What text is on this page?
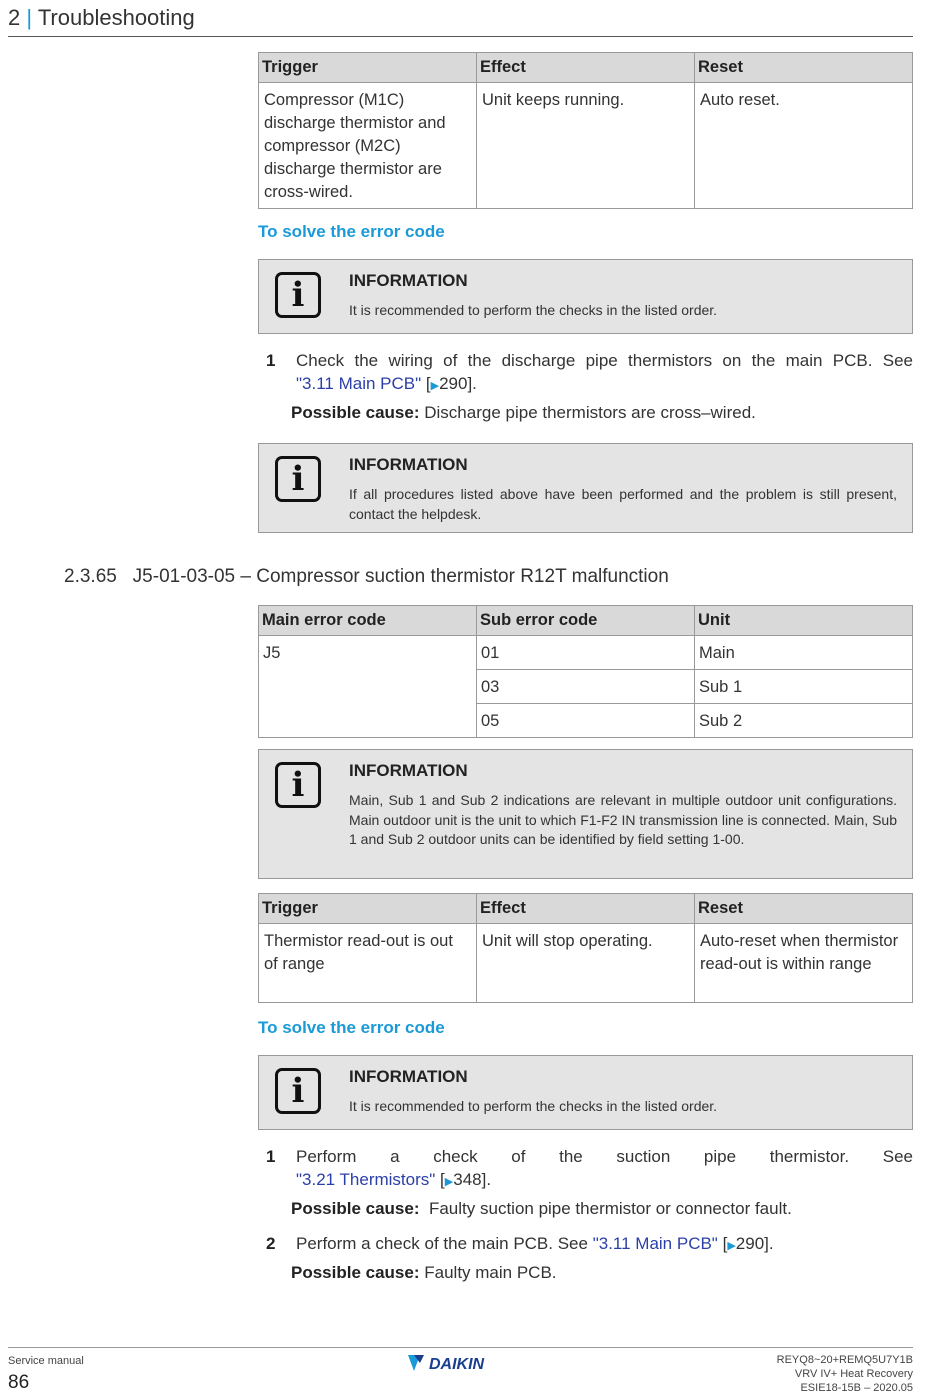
2 | Troubleshooting
Trigger	Effect	Reset
Compressor (M1C) discharge thermistor and compressor (M2C) discharge thermistor are cross-wired.	Unit keeps running.	Auto reset.
To solve the error code
i	INFORMATION
It is recommended to perform the checks in the listed order.
1 Check the wiring of the discharge pipe thermistors on the main PCB. See
"3.11 Main PCB" [▶290].
Possible cause: Discharge pipe thermistors are cross–wired.
i	INFORMATION
If all procedures listed above have been performed and the problem is still present, contact the helpdesk.
2.3.65 J5-01-03-05 – Compressor suction thermistor R12T malfunction
Main error code	Sub error code	Unit
J5	01	Main
	03	Sub 1
	05	Sub 2
i	INFORMATION
Main, Sub 1 and Sub 2 indications are relevant in multiple outdoor unit configurations. Main outdoor unit is the unit to which F1-F2 IN transmission line is connected. Main, Sub 1 and Sub 2 outdoor units can be identified by field setting 1-00.
Trigger	Effect	Reset
Thermistor read-out is out of range	Unit will stop operating.	Auto-reset when thermistor read-out is within range
To solve the error code
i	INFORMATION
It is recommended to perform the checks in the listed order.
1 Perform a check of the suction pipe thermistor. See
"3.21 Thermistors" [▶348].
Possible cause: Faulty suction pipe thermistor or connector fault.
2 Perform a check of the main PCB. See "3.11 Main PCB" [▶290].
Possible cause: Faulty main PCB.
Service manual
86
DAIKIN	REYQ8~20+REMQ5U7Y1B
VRV IV+ Heat Recovery
ESIE18-15B – 2020.05
